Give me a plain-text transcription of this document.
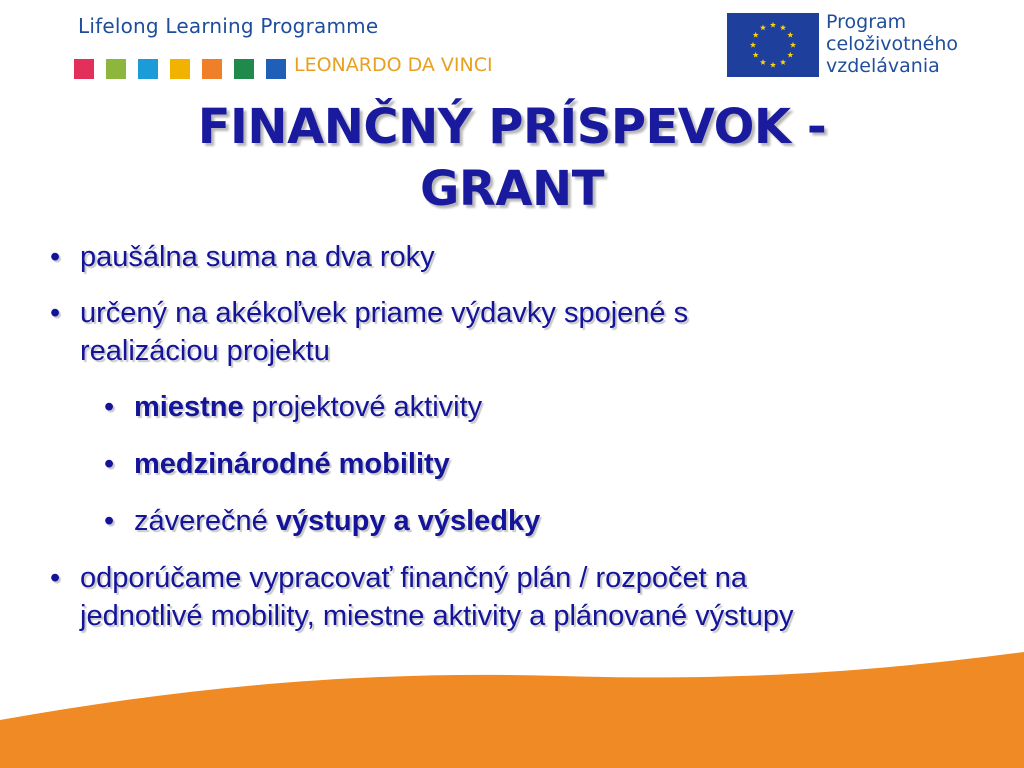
Lifelong Learning Programme
LEONARDO DA VINCI
Program
celoživotného
vzdelávania
FINANČNÝ PRÍSPEVOK -
GRANT
• paušálna suma na dva roky
• určený na akékoľvek priame výdavky spojené s
realizáciou projektu
• miestne projektové aktivity
• medzinárodné mobility
• záverečné výstupy a výsledky
• odporúčame vypracovať finančný plán / rozpočet na
jednotlivé mobility, miestne aktivity a plánované výstupy
